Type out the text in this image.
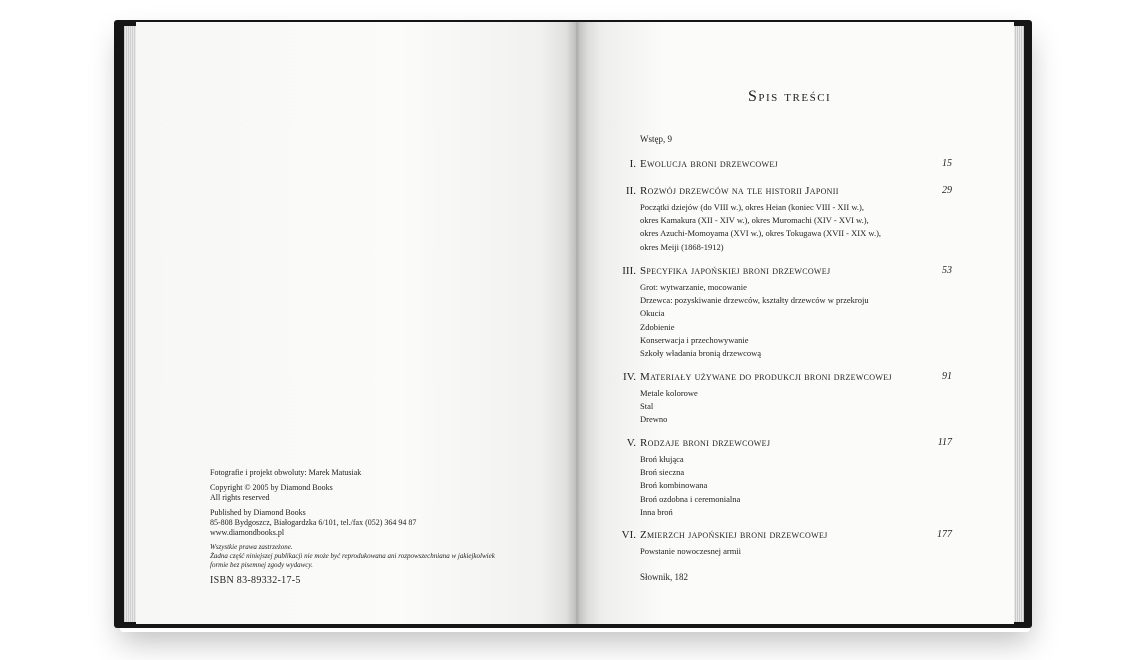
Fotografie i projekt obwoluty: Marek Matusiak
Copyright © 2005 by Diamond Books
All rights reserved
Published by Diamond Books
85-808 Bydgoszcz, Białogardzka 6/101, tel./fax (052) 364 94 87
www.diamondbooks.pl
Wszystkie prawa zastrzeżone.
Żadna część niniejszej publikacji nie może być reprodukowana ani rozpowszechniana w jakiejkolwiek
formie bez pisemnej zgody wydawcy.
ISBN 83-89332-17-5
Spis treści
Wstęp, 9
I. Ewolucja broni drzewcowej	15
II. Rozwój drzewców na tle historii Japonii	29
Początki dziejów (do VIII w.), okres Heian (koniec VIII - XII w.),
okres Kamakura (XII - XIV w.), okres Muromachi (XIV - XVI w.),
okres Azuchi-Momoyama (XVI w.), okres Tokugawa (XVII - XIX w.),
okres Meiji (1868-1912)
III. Specyfika japońskiej broni drzewcowej	53
Grot: wytwarzanie, mocowanie
Drzewca: pozyskiwanie drzewców, kształty drzewców w przekroju
Okucia
Zdobienie
Konserwacja i przechowywanie
Szkoły władania bronią drzewcową
IV. Materiały używane do produkcji broni drzewcowej	91
Metale kolorowe
Stal
Drewno
V. Rodzaje broni drzewcowej	117
Broń kłująca
Broń sieczna
Broń kombinowana
Broń ozdobna i ceremonialna
Inna broń
VI. Zmierzch japońskiej broni drzewcowej	177
Powstanie nowoczesnej armii
Słownik, 182
